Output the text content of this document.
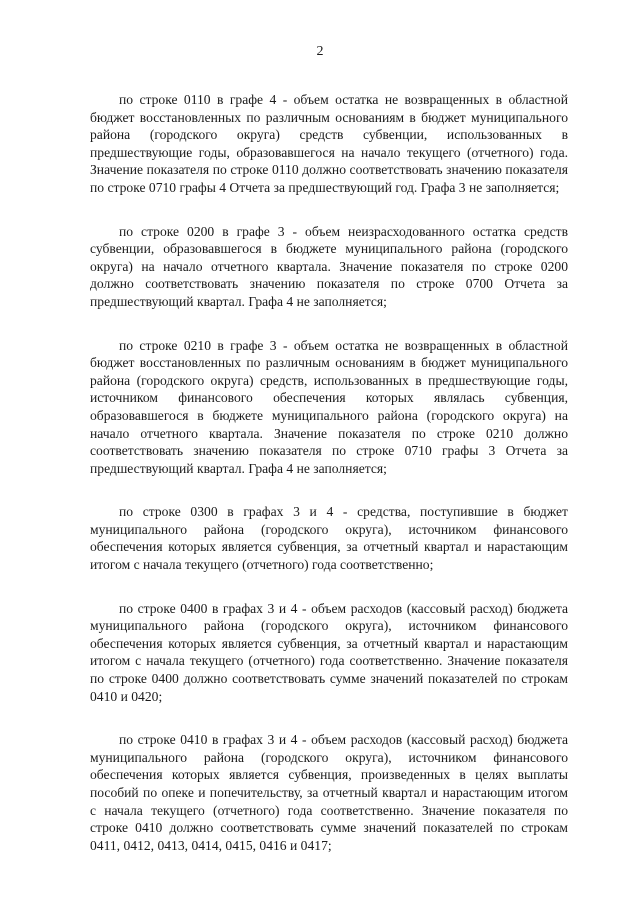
2

по строке 0110 в графе 4 - объем остатка не возвращенных в областной бюджет восстановленных по различным основаниям в бюджет муниципального района (городского округа) средств субвенции, использованных в предшествующие годы, образовавшегося на начало текущего (отчетного) года. Значение показателя по строке 0110 должно соответствовать значению показателя по строке 0710 графы 4 Отчета за предшествующий год. Графа 3 не заполняется;

по строке 0200 в графе 3 - объем неизрасходованного остатка средств субвенции, образовавшегося в бюджете муниципального района (городского округа) на начало отчетного квартала. Значение показателя по строке 0200 должно соответствовать значению показателя по строке 0700 Отчета за предшествующий квартал. Графа 4 не заполняется;

по строке 0210 в графе 3 - объем остатка не возвращенных в областной бюджет восстановленных по различным основаниям в бюджет муниципального района (городского округа) средств, использованных в предшествующие годы, источником финансового обеспечения которых являлась субвенция, образовавшегося в бюджете муниципального района (городского округа) на начало отчетного квартала. Значение показателя по строке 0210 должно соответствовать значению показателя по строке 0710 графы 3 Отчета за предшествующий квартал. Графа 4 не заполняется;

по строке 0300 в графах 3 и 4 - средства, поступившие в бюджет муниципального района (городского округа), источником финансового обеспечения которых является субвенция, за отчетный квартал и нарастающим итогом с начала текущего (отчетного) года соответственно;

по строке 0400 в графах 3 и 4 - объем расходов (кассовый расход) бюджета муниципального района (городского округа), источником финансового обеспечения которых является субвенция, за отчетный квартал и нарастающим итогом с начала текущего (отчетного) года соответственно. Значение показателя по строке 0400 должно соответствовать сумме значений показателей по строкам 0410 и 0420;

по строке 0410 в графах 3 и 4 - объем расходов (кассовый расход) бюджета муниципального района (городского округа), источником финансового обеспечения которых является субвенция, произведенных в целях выплаты пособий по опеке и попечительству, за отчетный квартал и нарастающим итогом с начала текущего (отчетного) года соответственно. Значение показателя по строке 0410 должно соответствовать сумме значений показателей по строкам 0411, 0412, 0413, 0414, 0415, 0416 и 0417;
